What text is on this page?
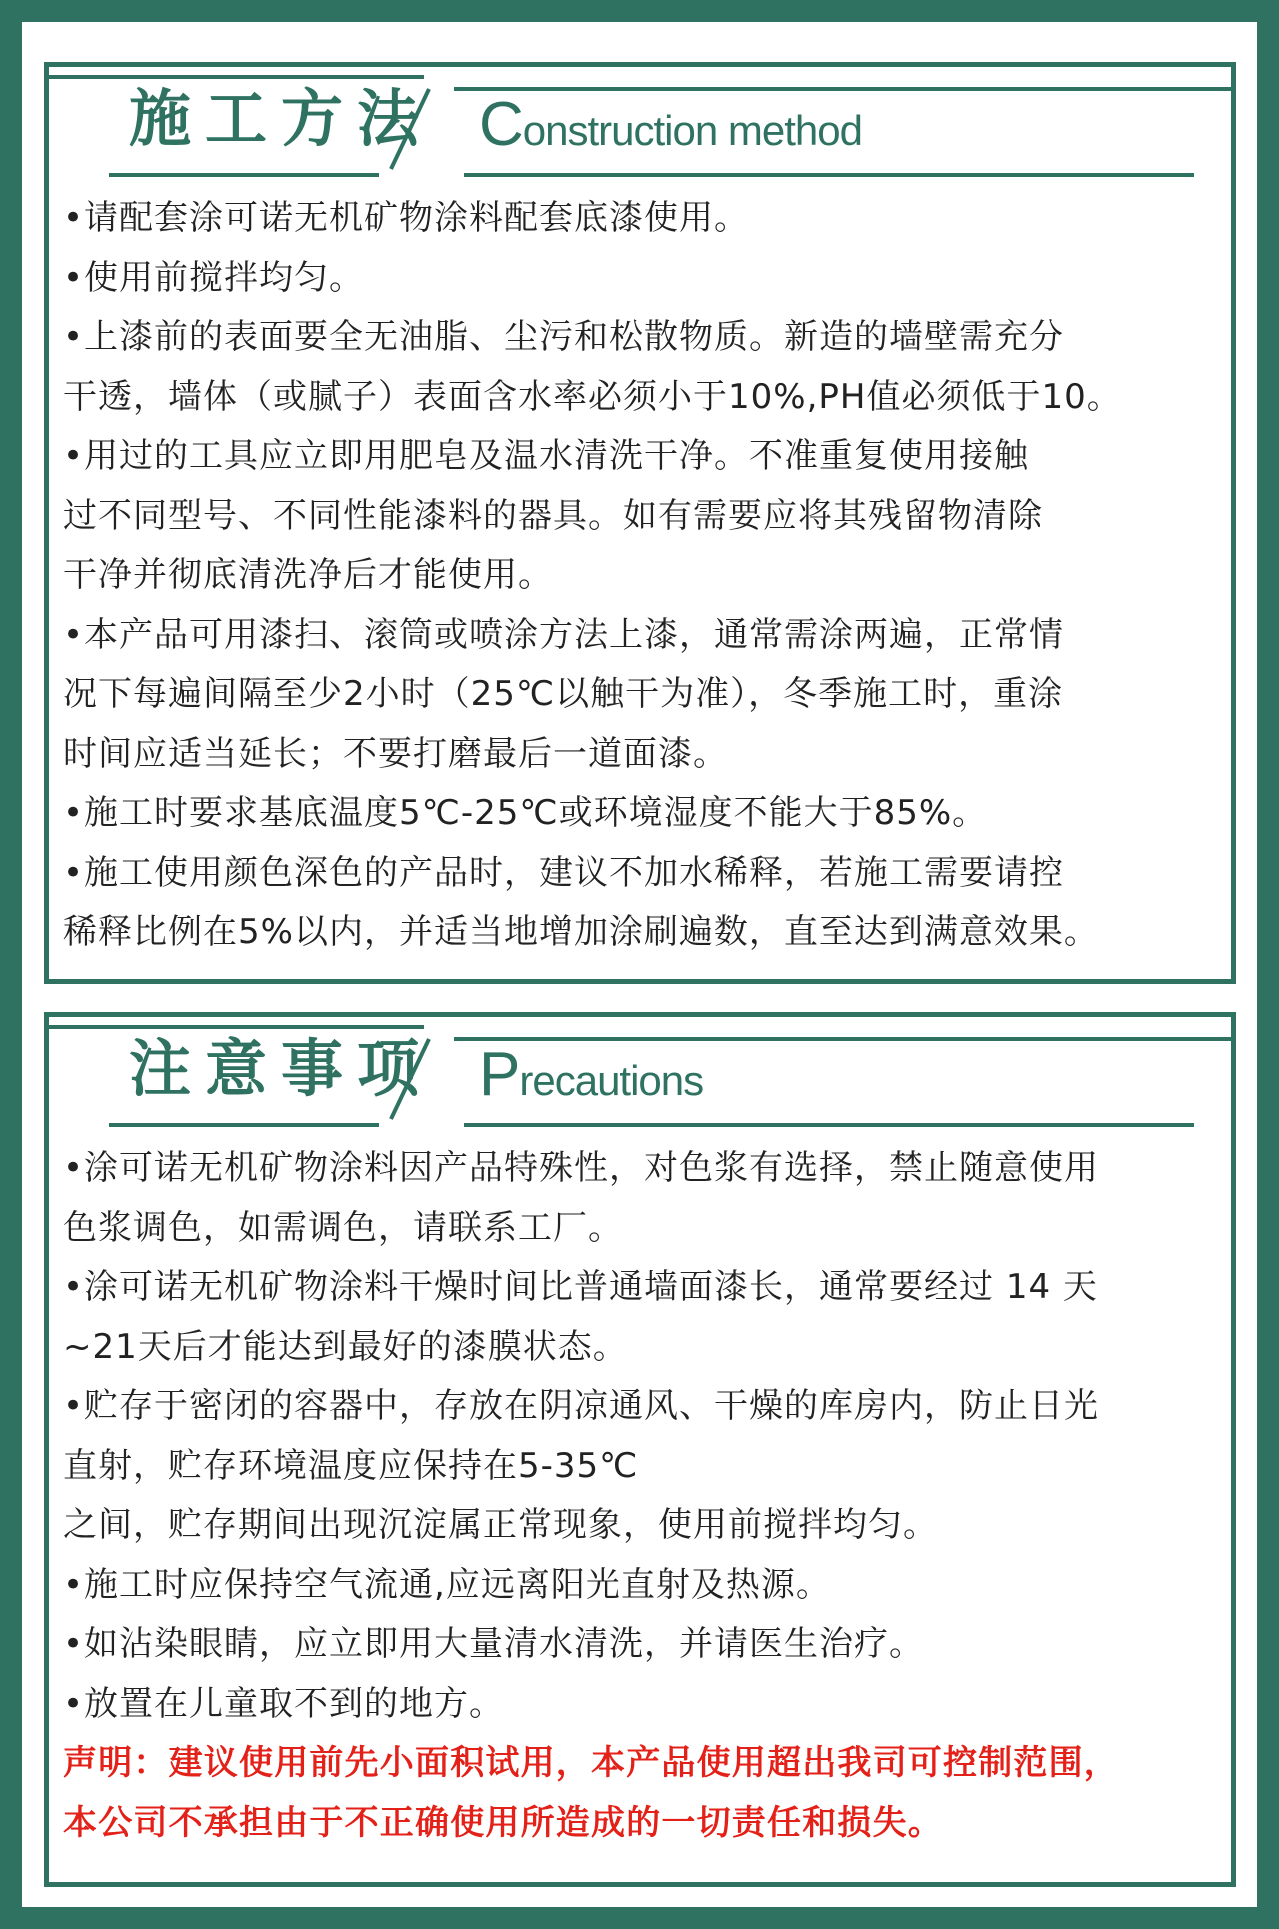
施工方法 Construction method
•请配套涂可诺无机矿物涂料配套底漆使用。
•使用前搅拌均匀。
•上漆前的表面要全无油脂、尘污和松散物质。新造的墙壁需充分
干透，墙体（或腻子）表面含水率必须小于10%,PH值必须低于10。
•用过的工具应立即用肥皂及温水清洗干净。不准重复使用接触
过不同型号、不同性能漆料的器具。如有需要应将其残留物清除
干净并彻底清洗净后才能使用。
•本产品可用漆扫、滚筒或喷涂方法上漆，通常需涂两遍，正常情
况下每遍间隔至少2小时（25℃以触干为准），冬季施工时，重涂
时间应适当延长；不要打磨最后一道面漆。
•施工时要求基底温度5℃-25℃或环境湿度不能大于85%。
•施工使用颜色深色的产品时，建议不加水稀释，若施工需要请控
稀释比例在5%以内，并适当地增加涂刷遍数，直至达到满意效果。
注意事项 Precautions
•涂可诺无机矿物涂料因产品特殊性，对色浆有选择，禁止随意使用
色浆调色，如需调色，请联系工厂。
•涂可诺无机矿物涂料干燥时间比普通墙面漆长，通常要经过 14 天
~21天后才能达到最好的漆膜状态。
•贮存于密闭的容器中，存放在阴凉通风、干燥的库房内，防止日光
直射，贮存环境温度应保持在5-35℃
之间，贮存期间出现沉淀属正常现象，使用前搅拌均匀。
•施工时应保持空气流通,应远离阳光直射及热源。
•如沾染眼睛，应立即用大量清水清洗，并请医生治疗。
•放置在儿童取不到的地方。
声明：建议使用前先小面积试用，本产品使用超出我司可控制范围，
本公司不承担由于不正确使用所造成的一切责任和损失。
